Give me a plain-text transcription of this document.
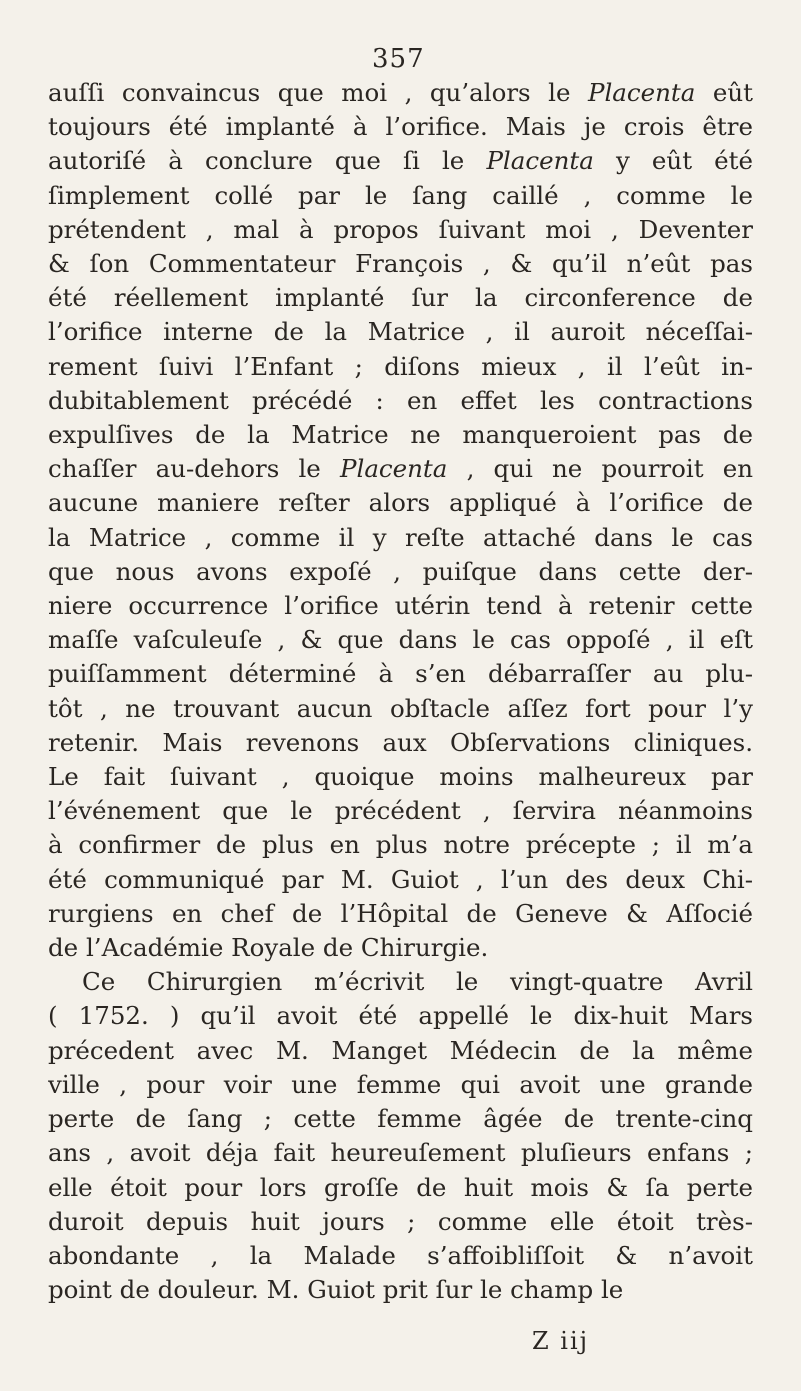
357
auſſi convaincus que moi , qu’alors le Placenta eût
toujours été implanté à l’orifice. Mais je crois être
autoriſé à conclure que ſi le Placenta y eût été
ſimplement collé par le ſang caillé , comme le
prétendent , mal à propos ſuivant moi , Deventer
& ſon Commentateur François , & qu’il n’eût pas
été réellement implanté ſur la circonference de
l’orifice interne de la Matrice , il auroit néceſſai-
rement ſuivi l’Enfant ; diſons mieux , il l’eût in-
dubitablement précédé : en effet les contractions
expulſives de la Matrice ne manqueroient pas de
chaſſer au-dehors le Placenta , qui ne pourroit en
aucune maniere reſter alors appliqué à l’orifice de
la Matrice , comme il y reſte attaché dans le cas
que nous avons expoſé , puiſque dans cette der-
niere occurrence l’orifice utérin tend à retenir cette
maſſe vaſculeuſe , & que dans le cas oppoſé , il eſt
puiſſamment déterminé à s’en débarraſſer au plu-
tôt , ne trouvant aucun obſtacle aſſez fort pour l’y
retenir. Mais revenons aux Obſervations cliniques.
Le fait ſuivant , quoique moins malheureux par
l’événement que le précédent , ſervira néanmoins
à confirmer de plus en plus notre précepte ; il m’a
été communiqué par M. Guiot , l’un des deux Chi-
rurgiens en chef de l’Hôpital de Geneve & Aſſocié
de l’Académie Royale de Chirurgie.
Ce Chirurgien m’écrivit le vingt-quatre Avril
( 1752. ) qu’il avoit été appellé le dix-huit Mars
précedent avec M. Manget Médecin de la même
ville , pour voir une femme qui avoit une grande
perte de ſang ; cette femme âgée de trente-cinq
ans , avoit déja fait heureuſement pluſieurs enfans ;
elle étoit pour lors groſſe de huit mois & ſa perte
duroit depuis huit jours ; comme elle étoit très-
abondante , la Malade s’affoibliſſoit & n’avoit
point de douleur. M. Guiot prit ſur le champ le
Z iij
